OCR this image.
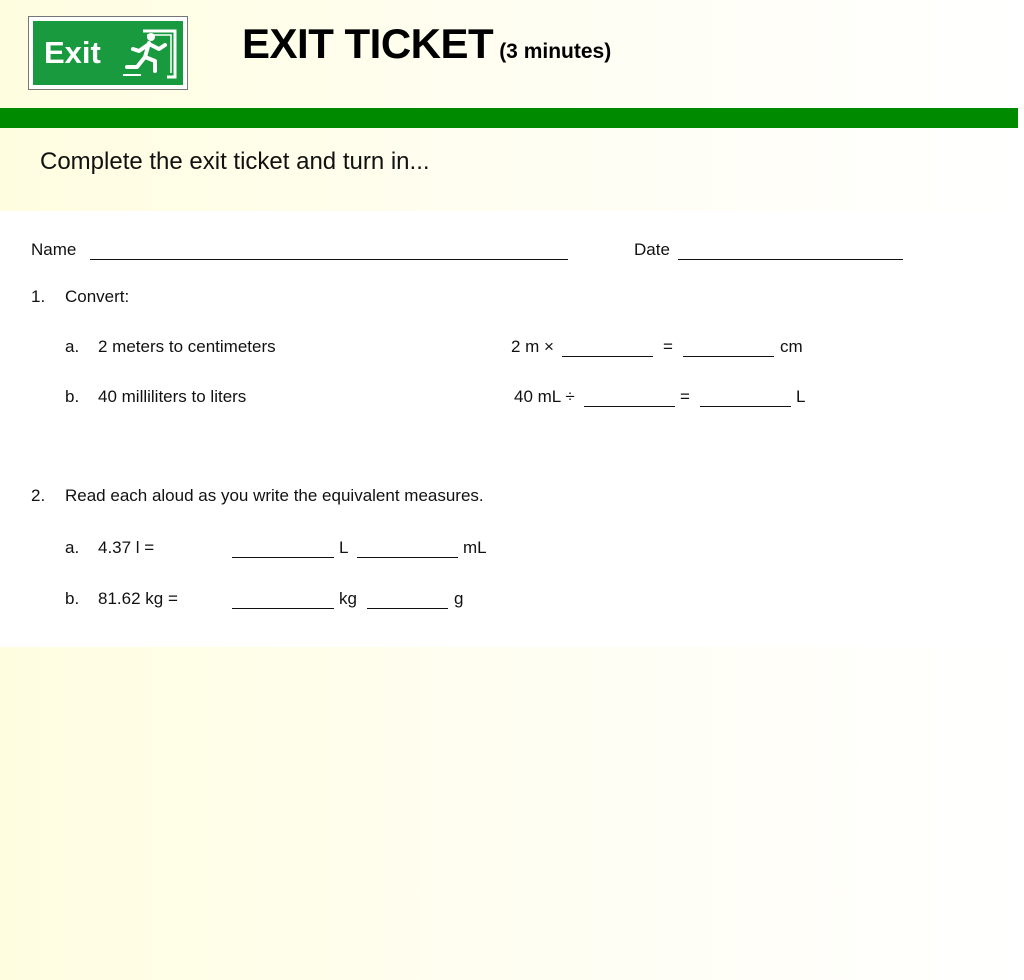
Exit	EXIT TICKET (3 minutes)
Complete the exit ticket and turn in...
Name	Date
1. Convert:
a. 2 meters to centimeters	2 m ×	=	cm
b. 40 milliliters to liters	40 mL ÷	=	L
2. Read each aloud as you write the equivalent measures.
a. 4.37 l =	L	mL
b. 81.62 kg =	kg	g
